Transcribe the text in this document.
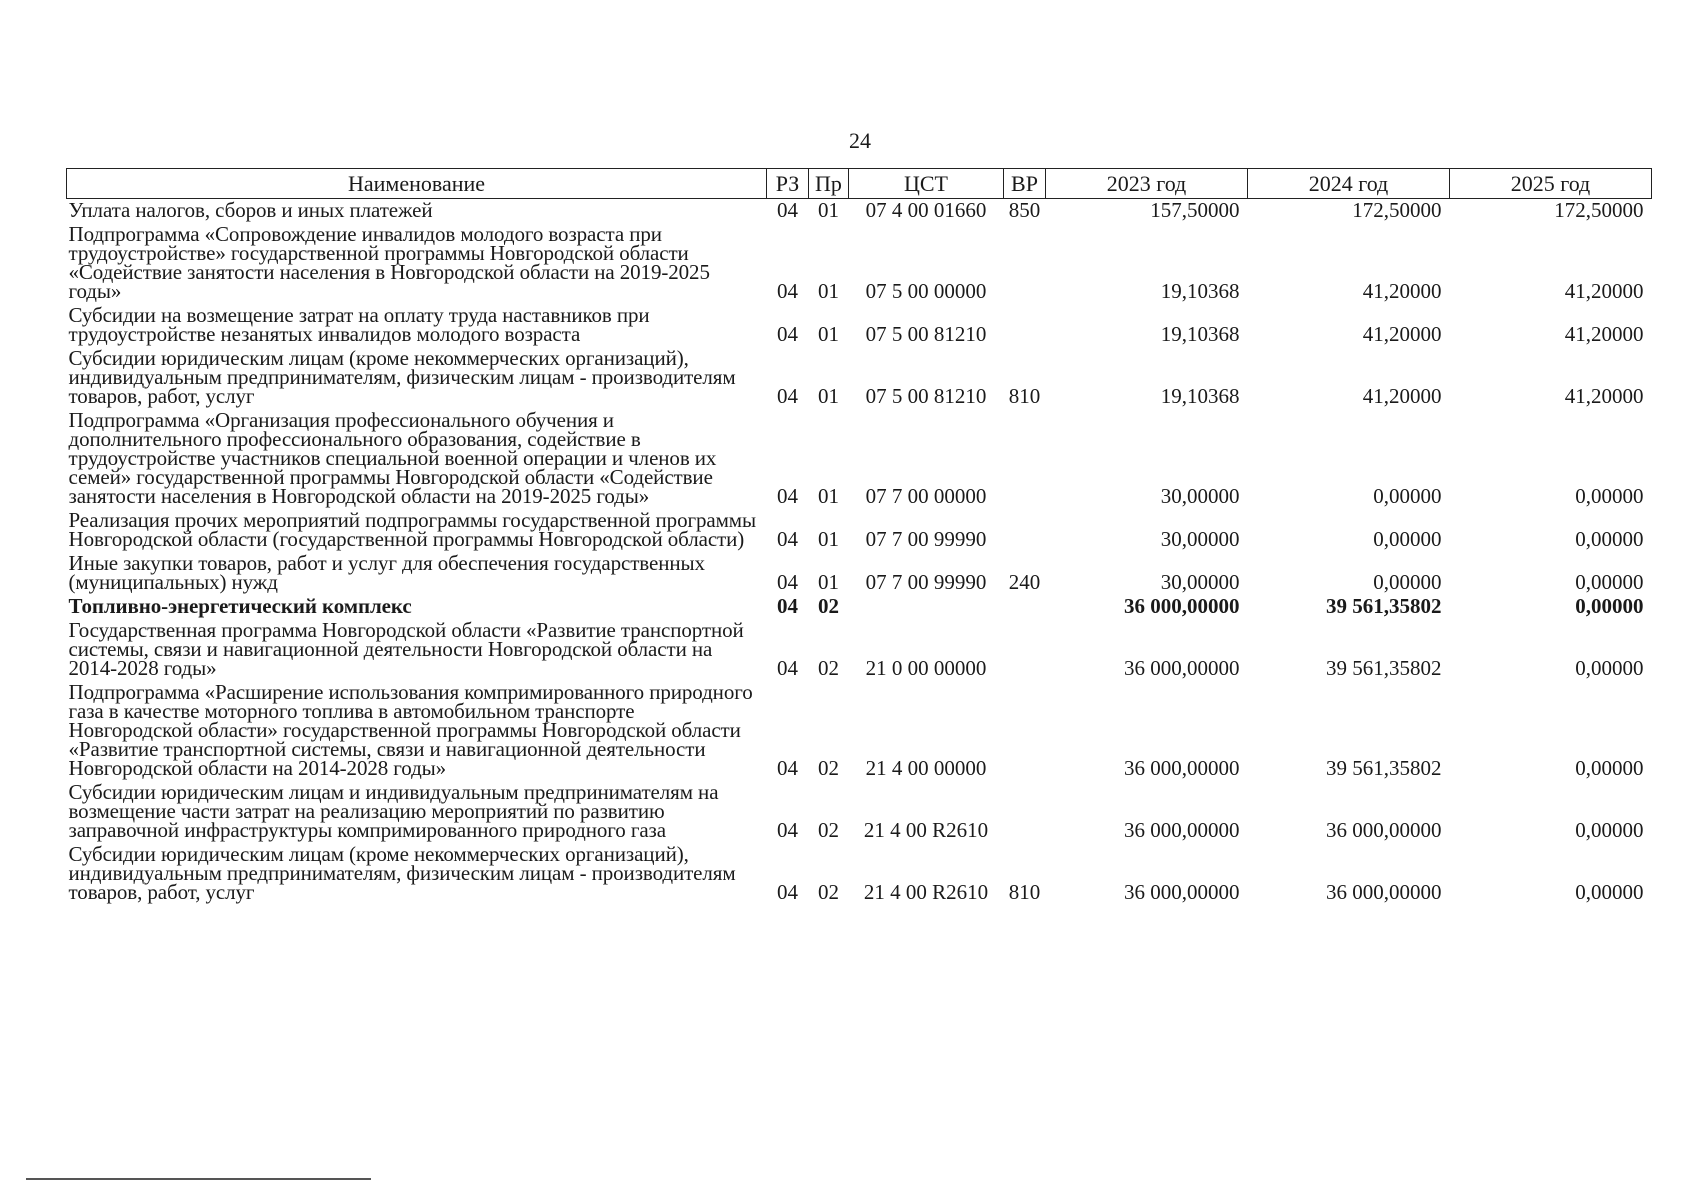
24
Наименование	РЗ	Пр	ЦСТ	ВР	2023 год	2024 год	2025 год
Уплата налогов, сборов и иных платежей	04	01	07 4 00 01660	850	157,50000	172,50000	172,50000
Подпрограмма «Сопровождение инвалидов молодого возраста при трудоустройстве» государственной программы Новгородской области «Содействие занятости населения в Новгородской области на 2019-2025 годы»	04	01	07 5 00 00000		19,10368	41,20000	41,20000
Субсидии на возмещение затрат на оплату труда наставников при трудоустройстве незанятых инвалидов молодого возраста	04	01	07 5 00 81210		19,10368	41,20000	41,20000
Субсидии юридическим лицам (кроме некоммерческих организаций), индивидуальным предпринимателям, физическим лицам - производителям товаров, работ, услуг	04	01	07 5 00 81210	810	19,10368	41,20000	41,20000
Подпрограмма «Организация профессионального обучения и дополнительного профессионального образования, содействие в трудоустройстве участников специальной военной операции и членов их семей» государственной программы Новгородской области «Содействие занятости населения в Новгородской области на 2019-2025 годы»	04	01	07 7 00 00000		30,00000	0,00000	0,00000
Реализация прочих мероприятий подпрограммы государственной программы Новгородской области (государственной программы Новгородской области)	04	01	07 7 00 99990		30,00000	0,00000	0,00000
Иные закупки товаров, работ и услуг для обеспечения государственных (муниципальных) нужд	04	01	07 7 00 99990	240	30,00000	0,00000	0,00000
Топливно-энергетический комплекс	04	02			36 000,00000	39 561,35802	0,00000
Государственная программа Новгородской области «Развитие транспортной системы, связи и навигационной деятельности Новгородской области на 2014-2028 годы»	04	02	21 0 00 00000		36 000,00000	39 561,35802	0,00000
Подпрограмма «Расширение использования компримированного природного газа в качестве моторного топлива в автомобильном транспорте Новгородской области» государственной программы Новгородской области «Развитие транспортной системы, связи и навигационной деятельности Новгородской области на 2014-2028 годы»	04	02	21 4 00 00000		36 000,00000	39 561,35802	0,00000
Субсидии юридическим лицам и индивидуальным предпринимателям на возмещение части затрат на реализацию мероприятий по развитию заправочной инфраструктуры компримированного природного газа	04	02	21 4 00 R2610		36 000,00000	36 000,00000	0,00000
Субсидии юридическим лицам (кроме некоммерческих организаций), индивидуальным предпринимателям, физическим лицам - производителям товаров, работ, услуг	04	02	21 4 00 R2610	810	36 000,00000	36 000,00000	0,00000
